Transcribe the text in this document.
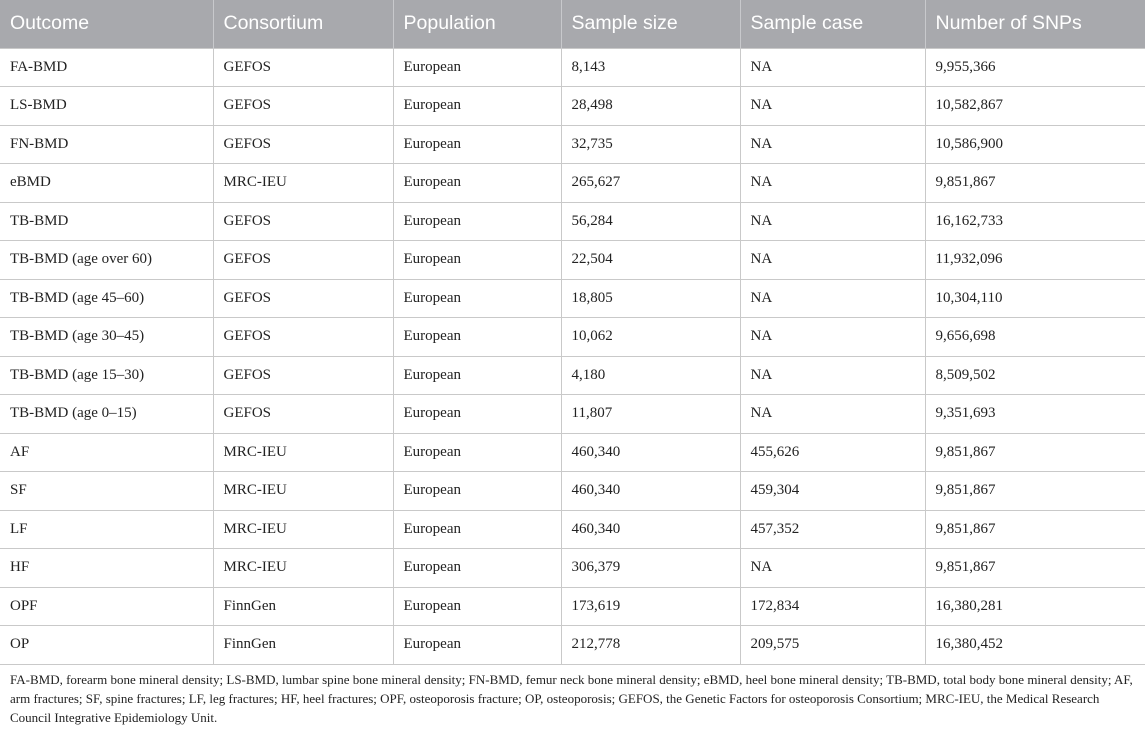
Outcome	Consortium	Population	Sample size	Sample case	Number of SNPs
FA-BMD	GEFOS	European	8,143	NA	9,955,366
LS-BMD	GEFOS	European	28,498	NA	10,582,867
FN-BMD	GEFOS	European	32,735	NA	10,586,900
eBMD	MRC-IEU	European	265,627	NA	9,851,867
TB-BMD	GEFOS	European	56,284	NA	16,162,733
TB-BMD (age over 60)	GEFOS	European	22,504	NA	11,932,096
TB-BMD (age 45–60)	GEFOS	European	18,805	NA	10,304,110
TB-BMD (age 30–45)	GEFOS	European	10,062	NA	9,656,698
TB-BMD (age 15–30)	GEFOS	European	4,180	NA	8,509,502
TB-BMD (age 0–15)	GEFOS	European	11,807	NA	9,351,693
AF	MRC-IEU	European	460,340	455,626	9,851,867
SF	MRC-IEU	European	460,340	459,304	9,851,867
LF	MRC-IEU	European	460,340	457,352	9,851,867
HF	MRC-IEU	European	306,379	NA	9,851,867
OPF	FinnGen	European	173,619	172,834	16,380,281
OP	FinnGen	European	212,778	209,575	16,380,452
FA-BMD, forearm bone mineral density; LS-BMD, lumbar spine bone mineral density; FN-BMD, femur neck bone mineral density; eBMD, heel bone mineral density; TB-BMD, total body bone mineral density; AF, arm fractures; SF, spine fractures; LF, leg fractures; HF, heel fractures; OPF, osteoporosis fracture; OP, osteoporosis; GEFOS, the Genetic Factors for osteoporosis Consortium; MRC-IEU, the Medical Research Council Integrative Epidemiology Unit.
